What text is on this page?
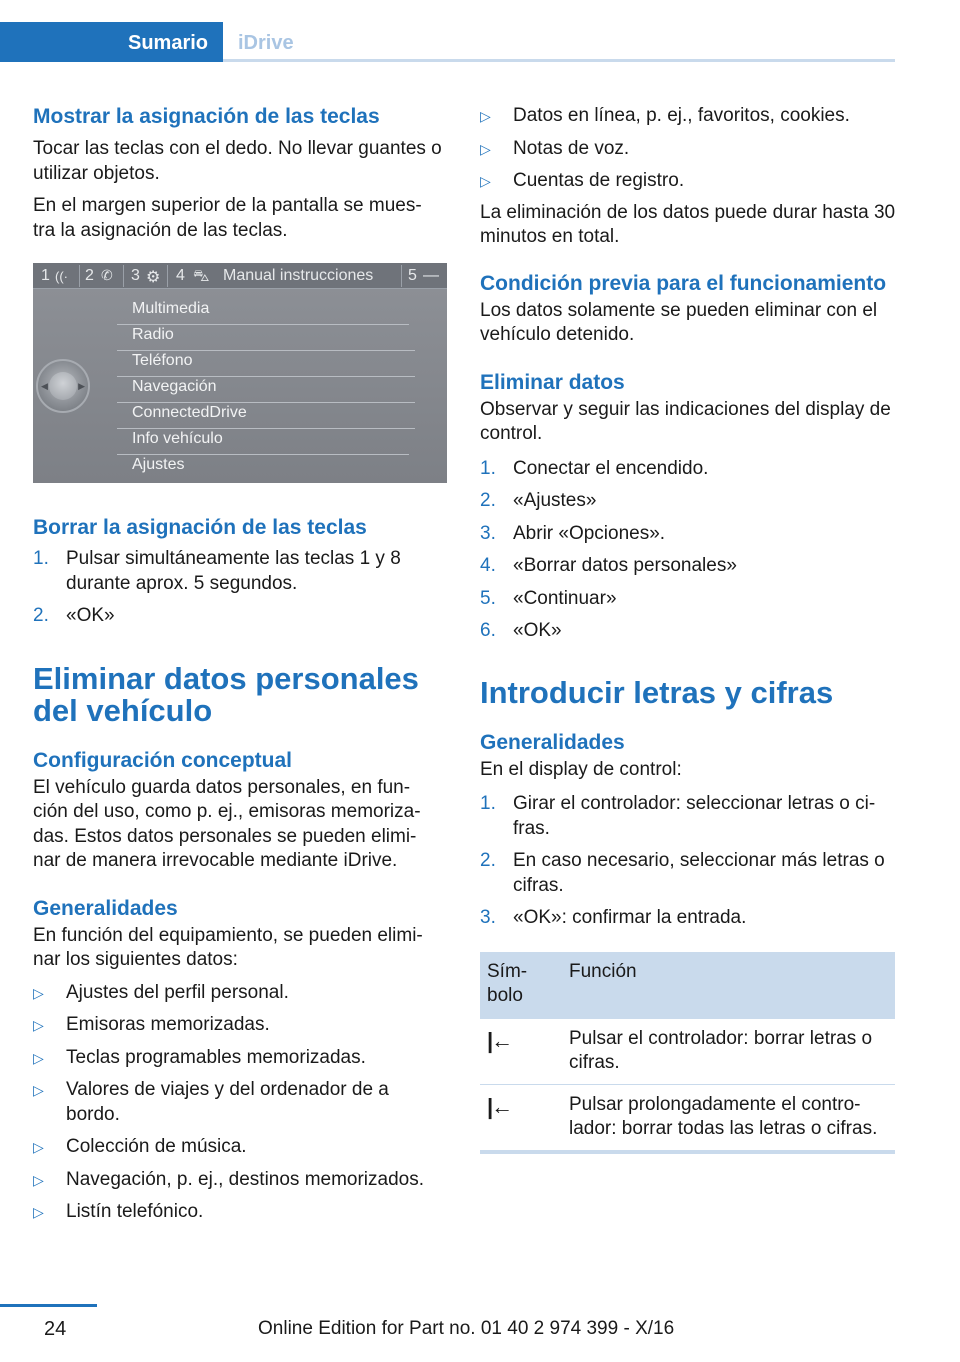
Sumario iDrive
Mostrar la asignación de las teclas
Tocar las teclas con el dedo. No llevar guantes o utilizar objetos.
En el margen superior de la pantalla se mues‐tra la asignación de las teclas.
1 ((· 2 ✆ 3 ⚙ 4 ⛍ Manual instrucciones 5 —
Multimedia
Radio
Teléfono
Navegación
ConnectedDrive
Info vehículo
Ajustes
◀	▶
Borrar la asignación de las teclas
1. Pulsar simultáneamente las teclas 1 y 8 durante aprox. 5 segundos.
2. «OK»
Eliminar datos personales del vehículo
Configuración conceptual
El vehículo guarda datos personales, en fun‐ción del uso, como p. ej., emisoras memoriza‐das. Estos datos personales se pueden elimi‐nar de manera irrevocable mediante iDrive.
Generalidades
En función del equipamiento, se pueden elimi‐nar los siguientes datos:
▷ Ajustes del perfil personal.
▷ Emisoras memorizadas.
▷ Teclas programables memorizadas.
▷ Valores de viajes y del ordenador de a bordo.
▷ Colección de música.
▷ Navegación, p. ej., destinos memorizados.
▷ Listín telefónico.
▷ Datos en línea, p. ej., favoritos, cookies.
▷ Notas de voz.
▷ Cuentas de registro.
La eliminación de los datos puede durar hasta 30 minutos en total.
Condición previa para el funcionamiento
Los datos solamente se pueden eliminar con el vehículo detenido.
Eliminar datos
Observar y seguir las indicaciones del display de control.
1. Conectar el encendido.
2. «Ajustes»
3. Abrir «Opciones».
4. «Borrar datos personales»
5. «Continuar»
6. «OK»
Introducir letras y cifras
Generalidades
En el display de control:
1. Girar el controlador: seleccionar letras o ci‐fras.
2. En caso necesario, seleccionar más letras o cifras.
3. «OK»: confirmar la entrada.
Sím‐bolo	Función
|←	Pulsar el controlador: borrar letras o cifras.
|←	Pulsar prolongadamente el contro‐lador: borrar todas las letras o cifras.
24	Online Edition for Part no. 01 40 2 974 399 - X/16
